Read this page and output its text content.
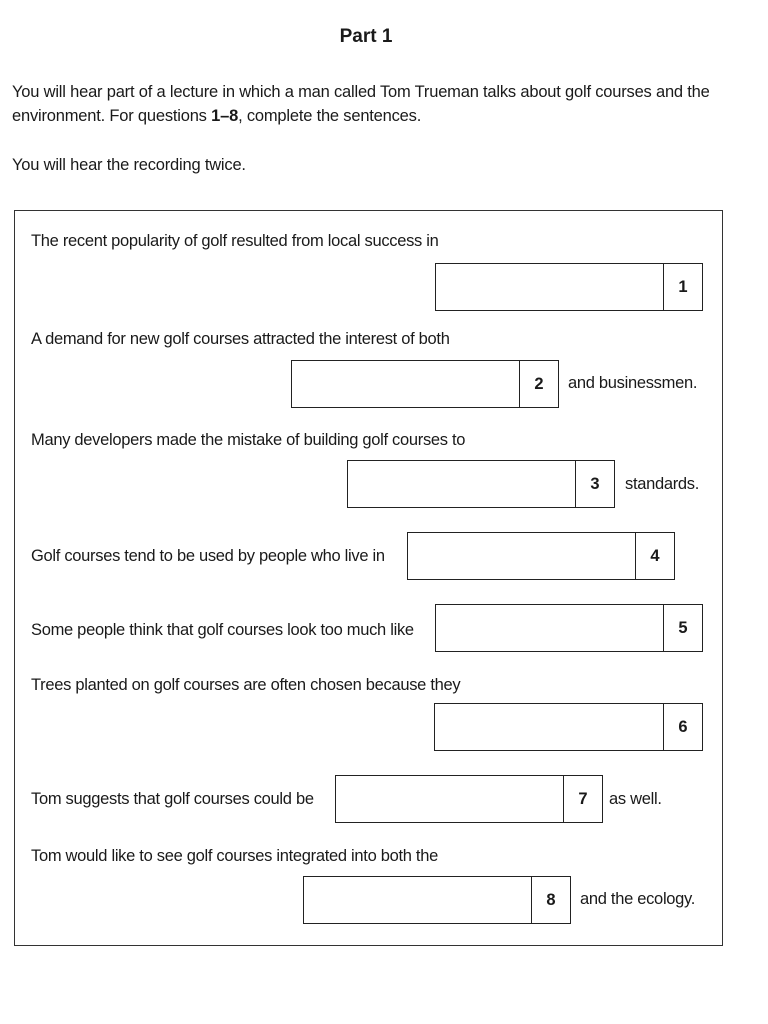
Part 1
You will hear part of a lecture in which a man called Tom Trueman talks about golf courses and the environment. For questions 1–8, complete the sentences.
You will hear the recording twice.
The recent popularity of golf resulted from local success in
1
A demand for new golf courses attracted the interest of both
2	and businessmen.
Many developers made the mistake of building golf courses to
3	standards.
Golf courses tend to be used by people who live in	4
Some people think that golf courses look too much like	5
Trees planted on golf courses are often chosen because they
6
Tom suggests that golf courses could be	7	as well.
Tom would like to see golf courses integrated into both the
8	and the ecology.
